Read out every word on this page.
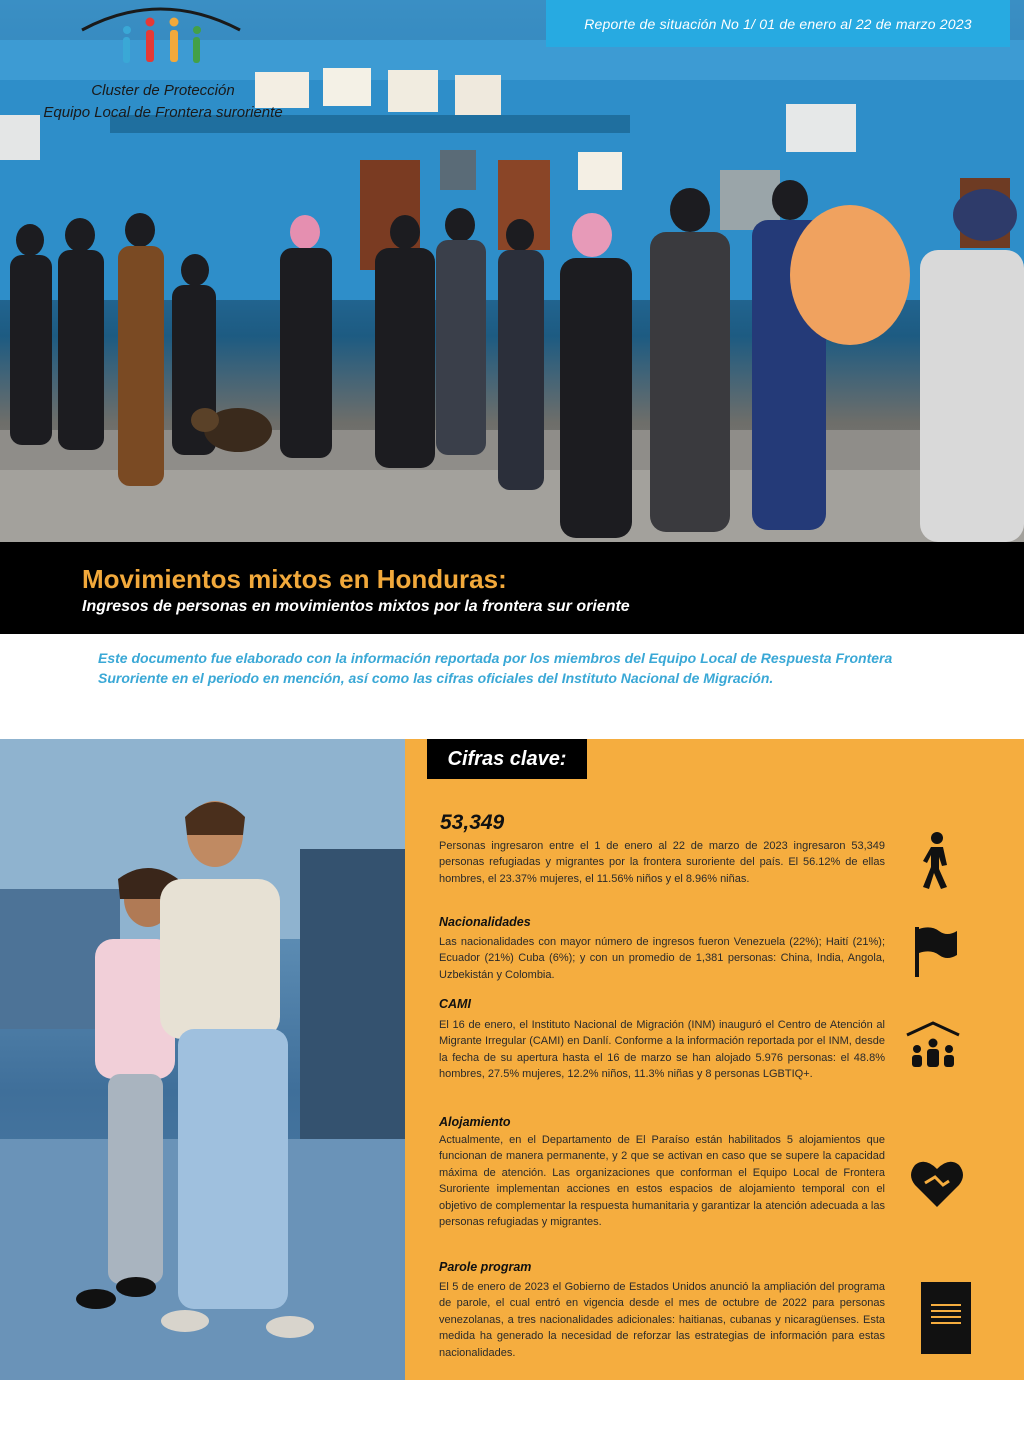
Cluster de Protección
Equipo Local de Frontera suroriente
Reporte de situación No 1/ 01 de enero al 22 de marzo 2023
Movimientos mixtos en Honduras:
Ingresos de personas en movimientos mixtos por la frontera sur oriente
Este documento fue elaborado con la información reportada por los miembros del Equipo Local de Respuesta Frontera Suroriente en el periodo en mención, así como las cifras oficiales del Instituto Nacional de Migración.
Cifras clave:
53,349
Personas ingresaron entre el 1 de enero al 22 de marzo de 2023 ingresaron 53,349 personas refugiadas y migrantes por la frontera suroriente del país. El 56.12% de ellas hombres, el 23.37% mujeres, el 11.56% niños y el 8.96% niñas.
Nacionalidades
Las nacionalidades con mayor número de ingresos fueron Venezuela (22%); Haití (21%); Ecuador (21%) Cuba (6%); y con un promedio de 1,381 personas: China, India, Angola, Uzbekistán y Colombia.
CAMI
El 16 de enero, el Instituto Nacional de Migración (INM) inauguró el Centro de Atención al Migrante Irregular (CAMI) en Danlí. Conforme a la información reportada por el INM, desde la fecha de su apertura hasta el 16 de marzo se han alojado 5.976 personas: el 48.8% hombres, 27.5% mujeres, 12.2% niños, 11.3% niñas y 8 personas LGBTIQ+.
Alojamiento
Actualmente, en el Departamento de El Paraíso están habilitados 5 alojamientos que funcionan de manera permanente, y 2 que se activan en caso que se supere la capacidad máxima de atención. Las organizaciones que conforman el Equipo Local de Frontera Suroriente implementan acciones en estos espacios de alojamiento temporal con el objetivo de complementar la respuesta humanitaria y garantizar la atención adecuada a las personas refugiadas y migrantes.
Parole program
El 5 de enero de 2023 el Gobierno de Estados Unidos anunció la ampliación del programa de parole, el cual entró en vigencia desde el mes de octubre de 2022 para personas venezolanas, a tres nacionalidades adicionales: haitianas, cubanas y nicaragüenses. Esta medida ha generado la necesidad de reforzar las estrategias de información para estas nacionalidades.
